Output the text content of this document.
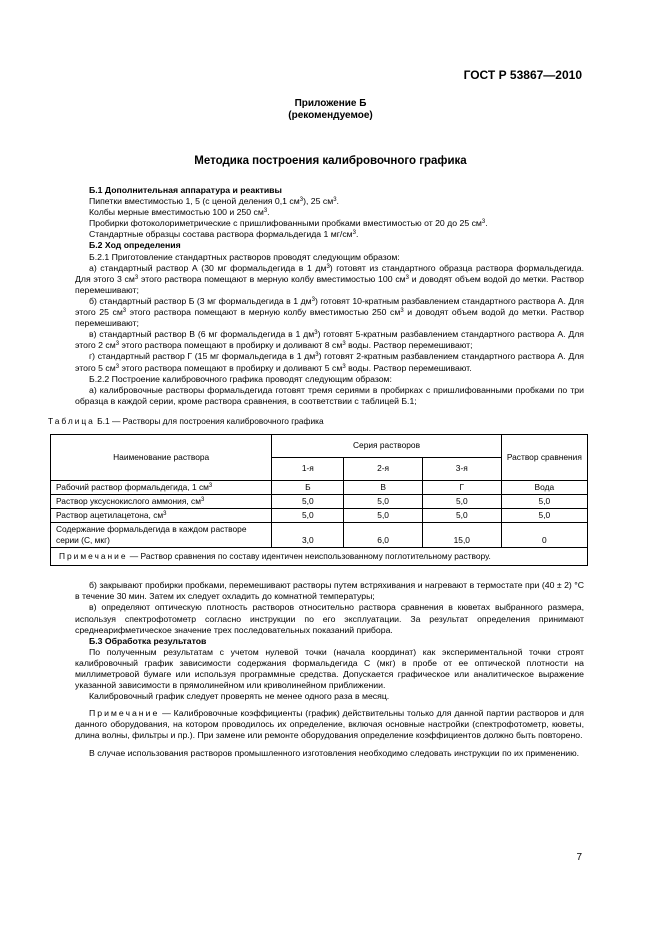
ГОСТ Р 53867—2010
Приложение Б
(рекомендуемое)
Методика построения калибровочного графика
Б.1 Дополнительная аппаратура и реактивы

Пипетки вместимостью 1, 5 (с ценой деления 0,1 $см^3$), 25 $см^3$.

Колбы мерные вместимостью 100 и 250 $см^3$.

Пробирки фотоколориметрические с пришлифованными пробками вместимостью от 20 до 25 $см^3$.

Стандартные образцы состава раствора формальдегида 1 $мг/см^3$.

Б.2 Ход определения

Б.2.1 Приготовление стандартных растворов проводят следующим образом:

а) стандартный раствор А (30 мг формальдегида в 1 $дм^3$) готовят из стандартного образца раствора формальдегида. Для этого 3 $см^3$ этого раствора помещают в мерную колбу вместимостью 100 $см^3$ и доводят объем водой до метки. Раствор перемешивают;

б) стандартный раствор Б (3 мг формальдегида в 1 $дм^3$) готовят 10-кратным разбавлением стандартного раствора А. Для этого 25 $см^3$ этого раствора помещают в мерную колбу вместимостью 250 $см^3$ и доводят объем водой до метки. Раствор перемешивают;

в) стандартный раствор В (6 мг формальдегида в 1 $дм^3$) готовят 5-кратным разбавлением стандартного раствора А. Для этого 2 $см^3$ этого раствора помещают в пробирку и доливают 8 $см^3$ воды. Раствор перемешивают;

г) стандартный раствор Г (15 мг формальдегида в 1 $дм^3$) готовят 2-кратным разбавлением стандартного раствора А. Для этого 5 $см^3$ этого раствора помещают в пробирку и доливают 5 $см^3$ воды. Раствор перемешивают.

Б.2.2 Построение калибровочного графика проводят следующим образом:

а) калибровочные растворы формальдегида готовят тремя сериями в пробирках с пришлифованными пробками по три образца в каждой серии, кроме раствора сравнения, в соответствии с таблицей Б.1;

Таблица Б.1 — Растворы для построения калибровочного графика
Наименование раствора	Серия растворов			Раствор сравнения
	1-я	2-я	3-я	
Рабочий раствор формальдегида, 1 $см^3$	Б	В	Г	Вода
Раствор уксуснокислого аммония, $см^3$	5,0	5,0	5,0	5,0
Раствор ацетилацетона, $см^3$	5,0	5,0	5,0	5,0
Содержание формальдегида в каждом растворе серии (С, мкг)	3,0	6,0	15,0	0
Примечание — Раствор сравнения по составу идентичен неиспользованному поглотительному раствору.				

б) закрывают пробирки пробками, перемешивают растворы путем встряхивания и нагревают в термостате при (40 ± 2) °С в течение 30 мин. Затем их следует охладить до комнатной температуры;

в) определяют оптическую плотность растворов относительно раствора сравнения в кюветах выбранного размера, используя спектрофотометр согласно инструкции по его эксплуатации. За результат определения принимают среднеарифметическое значение трех последовательных показаний прибора.

Б.3 Обработка результатов

По полученным результатам с учетом нулевой точки (начала координат) как экспериментальной точки строят калибровочный график зависимости содержания формальдегида С (мкг) в пробе от ее оптической плотности на миллиметровой бумаге или используя программные средства. Допускается графическое или аналитическое выражение указанной зависимости в прямолинейном или криволинейном приближении.

Калибровочный график следует проверять не менее одного раза в месяц.

Примечание — Калибровочные коэффициенты (график) действительны только для данной партии растворов и для данного оборудования, на котором проводилось их определение, включая основные настройки (спектрофотометр, кюветы, длина волны, фильтры и пр.). При замене или ремонте оборудования определение коэффициентов должно быть повторено.

В случае использования растворов промышленного изготовления необходимо следовать инструкции по их применению.

7
